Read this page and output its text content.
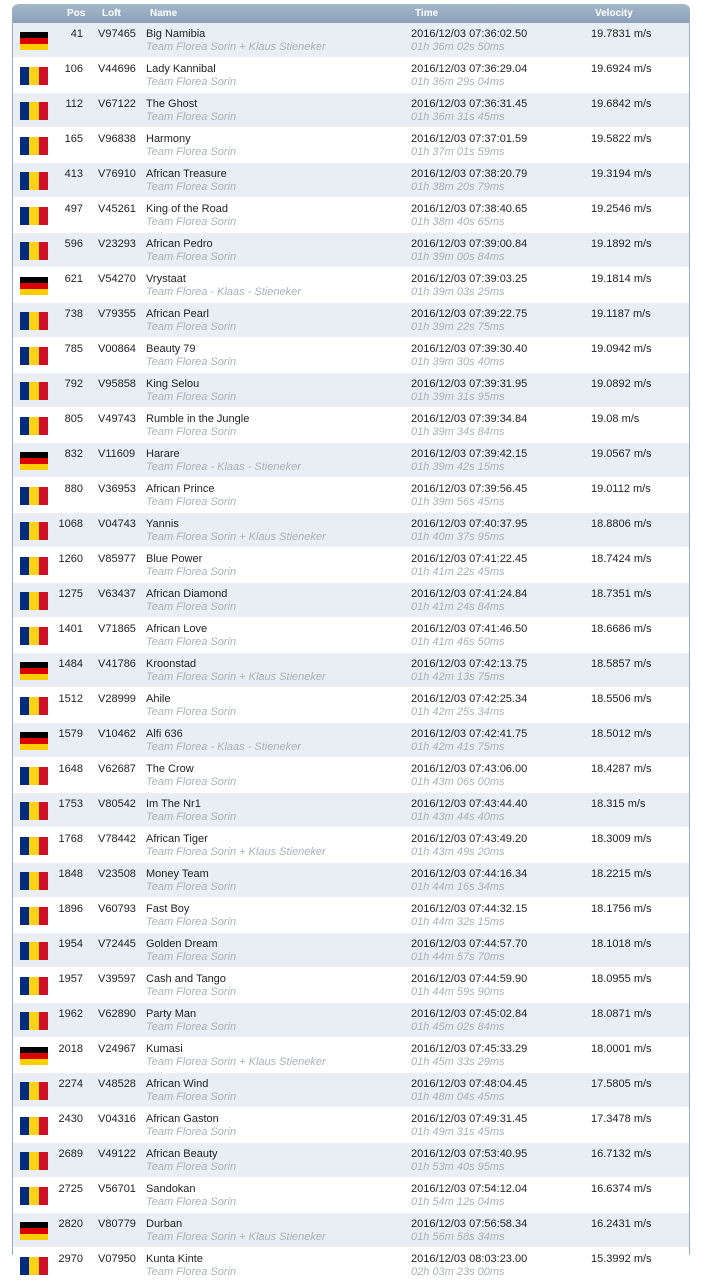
Pos Loft	Name	Time	Velocity
41 V97465 Big Namibia
Team Florea Sorin + Klaus Stieneker
2016/12/03 07:36:02.50
01h 36m 02s 50ms
19.7831 m/s
106 V44696 Lady Kannibal
Team Florea Sorin
2016/12/03 07:36:29.04
01h 36m 29s 04ms
19.6924 m/s
112 V67122 The Ghost
Team Florea Sorin
2016/12/03 07:36:31.45
01h 36m 31s 45ms
19.6842 m/s
165 V96838 Harmony
Team Florea Sorin
2016/12/03 07:37:01.59
01h 37m 01s 59ms
19.5822 m/s
413 V76910 African Treasure
Team Florea Sorin
2016/12/03 07:38:20.79
01h 38m 20s 79ms
19.3194 m/s
497 V45261 King of the Road
Team Florea Sorin
2016/12/03 07:38:40.65
01h 38m 40s 65ms
19.2546 m/s
596 V23293 African Pedro
Team Florea Sorin
2016/12/03 07:39:00.84
01h 39m 00s 84ms
19.1892 m/s
621 V54270 Vrystaat
Team Florea - Klaas - Stieneker
2016/12/03 07:39:03.25
01h 39m 03s 25ms
19.1814 m/s
738 V79355 African Pearl
Team Florea Sorin
2016/12/03 07:39:22.75
01h 39m 22s 75ms
19.1187 m/s
785 V00864 Beauty 79
Team Florea Sorin
2016/12/03 07:39:30.40
01h 39m 30s 40ms
19.0942 m/s
792 V95858 King Selou
Team Florea Sorin
2016/12/03 07:39:31.95
01h 39m 31s 95ms
19.0892 m/s
805 V49743 Rumble in the Jungle
Team Florea Sorin
2016/12/03 07:39:34.84
01h 39m 34s 84ms
19.08 m/s
832 V11609 Harare
Team Florea - Klaas - Stieneker
2016/12/03 07:39:42.15
01h 39m 42s 15ms
19.0567 m/s
880 V36953 African Prince
Team Florea Sorin
2016/12/03 07:39:56.45
01h 39m 56s 45ms
19.0112 m/s
1068 V04743 Yannis
Team Florea Sorin + Klaus Stieneker
2016/12/03 07:40:37.95
01h 40m 37s 95ms
18.8806 m/s
1260 V85977 Blue Power
Team Florea Sorin
2016/12/03 07:41:22.45
01h 41m 22s 45ms
18.7424 m/s
1275 V63437 African Diamond
Team Florea Sorin
2016/12/03 07:41:24.84
01h 41m 24s 84ms
18.7351 m/s
1401 V71865 African Love
Team Florea Sorin
2016/12/03 07:41:46.50
01h 41m 46s 50ms
18.6686 m/s
1484 V41786 Kroonstad
Team Florea Sorin + Klaus Stieneker
2016/12/03 07:42:13.75
01h 42m 13s 75ms
18.5857 m/s
1512 V28999 Ahile
Team Florea Sorin
2016/12/03 07:42:25.34
01h 42m 25s 34ms
18.5506 m/s
1579 V10462 Alfi 636
Team Florea - Klaas - Stieneker
2016/12/03 07:42:41.75
01h 42m 41s 75ms
18.5012 m/s
1648 V62687 The Crow
Team Florea Sorin
2016/12/03 07:43:06.00
01h 43m 06s 00ms
18.4287 m/s
1753 V80542 Im The Nr1
Team Florea Sorin
2016/12/03 07:43:44.40
01h 43m 44s 40ms
18.315 m/s
1768 V78442 African Tiger
Team Florea Sorin + Klaus Stieneker
2016/12/03 07:43:49.20
01h 43m 49s 20ms
18.3009 m/s
1848 V23508 Money Team
Team Florea Sorin
2016/12/03 07:44:16.34
01h 44m 16s 34ms
18.2215 m/s
1896 V60793 Fast Boy
Team Florea Sorin
2016/12/03 07:44:32.15
01h 44m 32s 15ms
18.1756 m/s
1954 V72445 Golden Dream
Team Florea Sorin
2016/12/03 07:44:57.70
01h 44m 57s 70ms
18.1018 m/s
1957 V39597 Cash and Tango
Team Florea Sorin
2016/12/03 07:44:59.90
01h 44m 59s 90ms
18.0955 m/s
1962 V62890 Party Man
Team Florea Sorin
2016/12/03 07:45:02.84
01h 45m 02s 84ms
18.0871 m/s
2018 V24967 Kumasi
Team Florea Sorin + Klaus Stieneker
2016/12/03 07:45:33.29
01h 45m 33s 29ms
18.0001 m/s
2274 V48528 African Wind
Team Florea Sorin
2016/12/03 07:48:04.45
01h 48m 04s 45ms
17.5805 m/s
2430 V04316 African Gaston
Team Florea Sorin
2016/12/03 07:49:31.45
01h 49m 31s 45ms
17.3478 m/s
2689 V49122 African Beauty
Team Florea Sorin
2016/12/03 07:53:40.95
01h 53m 40s 95ms
16.7132 m/s
2725 V56701 Sandokan
Team Florea Sorin
2016/12/03 07:54:12.04
01h 54m 12s 04ms
16.6374 m/s
2820 V80779 Durban
Team Florea Sorin + Klaus Stieneker
2016/12/03 07:56:58.34
01h 56m 58s 34ms
16.2431 m/s
2970 V07950 Kunta Kinte
Team Florea Sorin
2016/12/03 08:03:23.00
02h 03m 23s 00ms
15.3992 m/s
